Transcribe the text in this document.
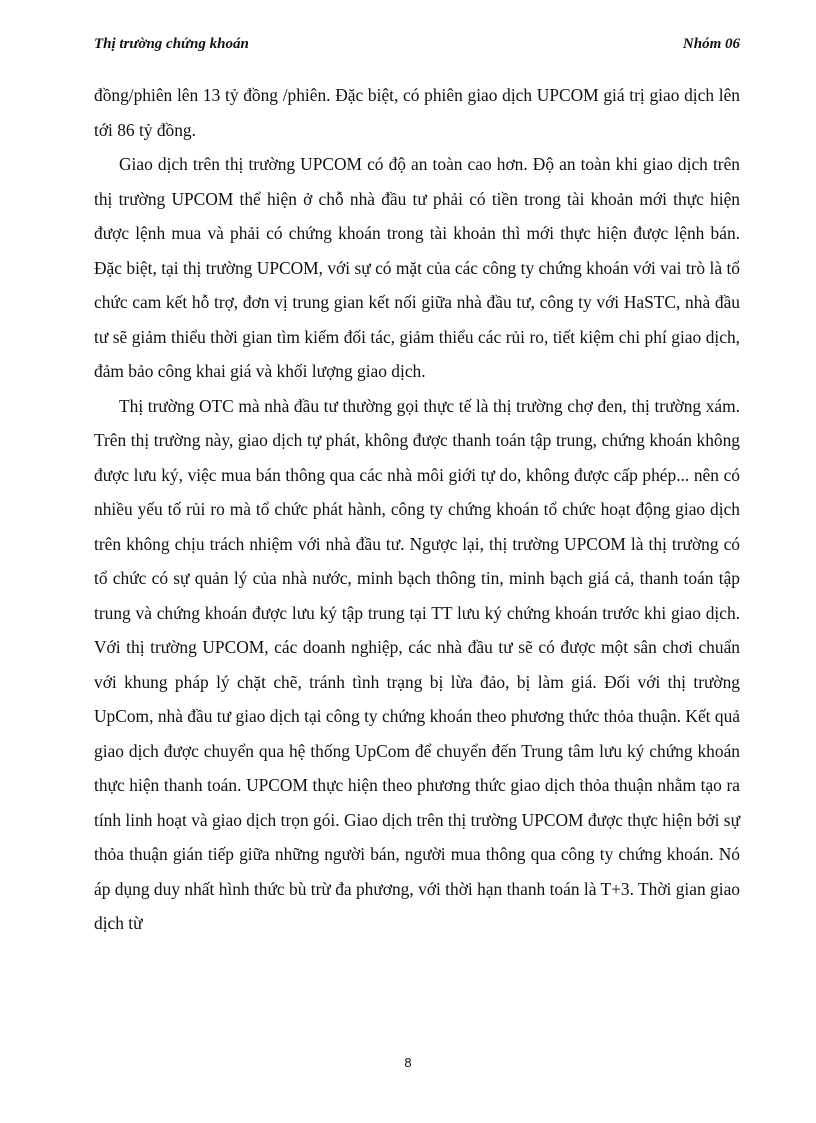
Thị trường chứng khoán	Nhóm 06

đồng/phiên lên 13 tỷ đồng /phiên. Đặc biệt, có phiên giao dịch UPCOM giá trị giao dịch lên tới 86 tỷ đồng.

Giao dịch trên thị trường UPCOM có độ an toàn cao hơn. Độ an toàn khi giao dịch trên thị trường UPCOM thể hiện ở chỗ nhà đầu tư phải có tiền trong tài khoản mới thực hiện được lệnh mua và phải có chứng khoán trong tài khoản thì mới thực hiện được lệnh bán. Đặc biệt, tại thị trường UPCOM, với sự có mặt của các công ty chứng khoán với vai trò là tổ chức cam kết hỗ trợ, đơn vị trung gian kết nối giữa nhà đầu tư, công ty với HaSTC, nhà đầu tư sẽ giảm thiểu thời gian tìm kiếm đối tác, giảm thiểu các rủi ro, tiết kiệm chi phí giao dịch, đảm bảo công khai giá và khối lượng giao dịch.

Thị trường OTC mà nhà đầu tư thường gọi thực tế là thị trường chợ đen, thị trường xám. Trên thị trường này, giao dịch tự phát, không được thanh toán tập trung, chứng khoán không được lưu ký, việc mua bán thông qua các nhà môi giới tự do, không được cấp phép... nên có nhiều yếu tố rủi ro mà tổ chức phát hành, công ty chứng khoán tổ chức hoạt động giao dịch trên không chịu trách nhiệm với nhà đầu tư. Ngược lại, thị trường UPCOM là thị trường có tổ chức có sự quản lý của nhà nước, minh bạch thông tin, minh bạch giá cả, thanh toán tập trung và chứng khoán được lưu ký tập trung tại TT lưu ký chứng khoán trước khi giao dịch. Với thị trường UPCOM, các doanh nghiệp, các nhà đầu tư sẽ có được một sân chơi chuẩn với khung pháp lý chặt chẽ, tránh tình trạng bị lừa đảo, bị làm giá. Đối với thị trường UpCom, nhà đầu tư giao dịch tại công ty chứng khoán theo phương thức thỏa thuận. Kết quả giao dịch được chuyển qua hệ thống UpCom để chuyển đến Trung tâm lưu ký chứng khoán thực hiện thanh toán. UPCOM thực hiện theo phương thức giao dịch thỏa thuận nhằm tạo ra tính linh hoạt và giao dịch trọn gói. Giao dịch trên thị trường UPCOM được thực hiện bởi sự thỏa thuận gián tiếp giữa những người bán, người mua thông qua công ty chứng khoán. Nó áp dụng duy nhất hình thức bù trừ đa phương, với thời hạn thanh toán là T+3. Thời gian giao dịch từ

8
